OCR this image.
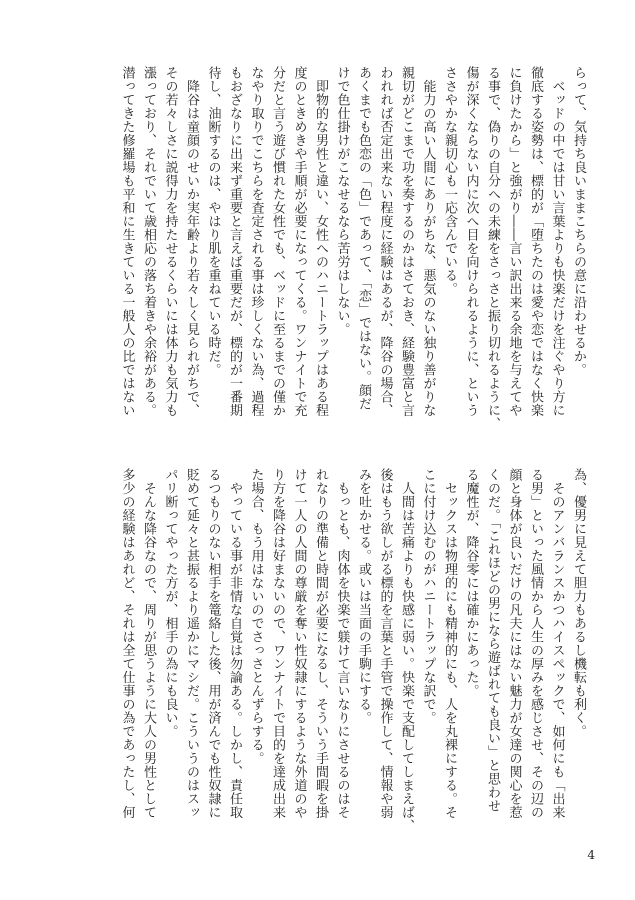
らって、気持ち良いままこちらの意に沿わせるか。
　ベッドの中では甘い言葉よりも快楽だけを注ぐやり方に
徹底する姿勢は、標的が「堕ちたのは愛や恋ではなく快楽
に負けたから」と強がり――言い訳出来る余地を与えてや
る事で、偽りの自分への未練をさっさと振り切れるように、
傷が深くならない内に次へ目を向けられるように、という
ささやかな親切心も一応含んでいる。
　能力の高い人間にありがちな、悪気のない独り善がりな
親切がどこまで功を奏するのかはさておき、経験豊富と言
われれば否定出来ない程度に経験はあるが、降谷の場合、
あくまでも色恋の「色」であって、「恋」ではない。顔だ
けで色仕掛けがこなせるなら苦労はしない。
　即物的な男性と違い、女性へのハニートラップはある程
度のときめきや手順が必要になってくる。ワンナイトで充
分だと言う遊び慣れた女性でも、ベッドに至るまでの僅か
なやり取りでこちらを査定される事は珍しくない為、過程
もおざなりに出来ず重要と言えば重要だが、標的が一番期
待し、油断するのは、やはり肌を重ねている時だ。
　降谷は童顔のせいか実年齢より若々しく見られがちで、
その若々しさに説得力を持たせるくらいには体力も気力も
漲っており、それでいて歳相応の落ち着きや余裕がある。
潜ってきた修羅場も平和に生きている一般人の比ではない
為、優男に見えて胆力もあるし機転も利く。
　そのアンバランスかつハイスペックで、如何にも「出来
る男」といった風情から人生の厚みを感じさせ、その辺の
顔と身体が良いだけの凡夫にはない魅力が女達の関心を惹
くのだ。「これほどの男になら遊ばれても良い」と思わせ
る魔性が、降谷零には確かにあった。
　セックスは物理的にも精神的にも、人を丸裸にする。そ
こに付け込むのがハニートラップな訳で。
　人間は苦痛よりも快感に弱い。快楽で支配してしまえば、
後はもう欲しがる標的を言葉と手管で操作して、情報や弱
みを吐かせる。或いは当面の手駒にする。
　もっとも、肉体を快楽で躾けて言いなりにさせるのはそ
れなりの準備と時間が必要になるし、そういう手間暇を掛
けて一人の人間の尊厳を奪い性奴隷にするような外道のや
り方を降谷は好まないので、ワンナイトで目的を達成出来
た場合、もう用はないのでさっさとんずらする。
　やっている事が非情な自覚は勿論ある。しかし、責任取
るつもりのない相手を篭絡した後、用が済んでも性奴隷に
貶めて延々と甚振るより遥かにマシだ。こういうのはスッ
パリ断ってやった方が、相手の為にも良い。
　そんな降谷なので、周りが思うように大人の男性として
多少の経験はあれど、それは全て仕事の為であったし、何
4
